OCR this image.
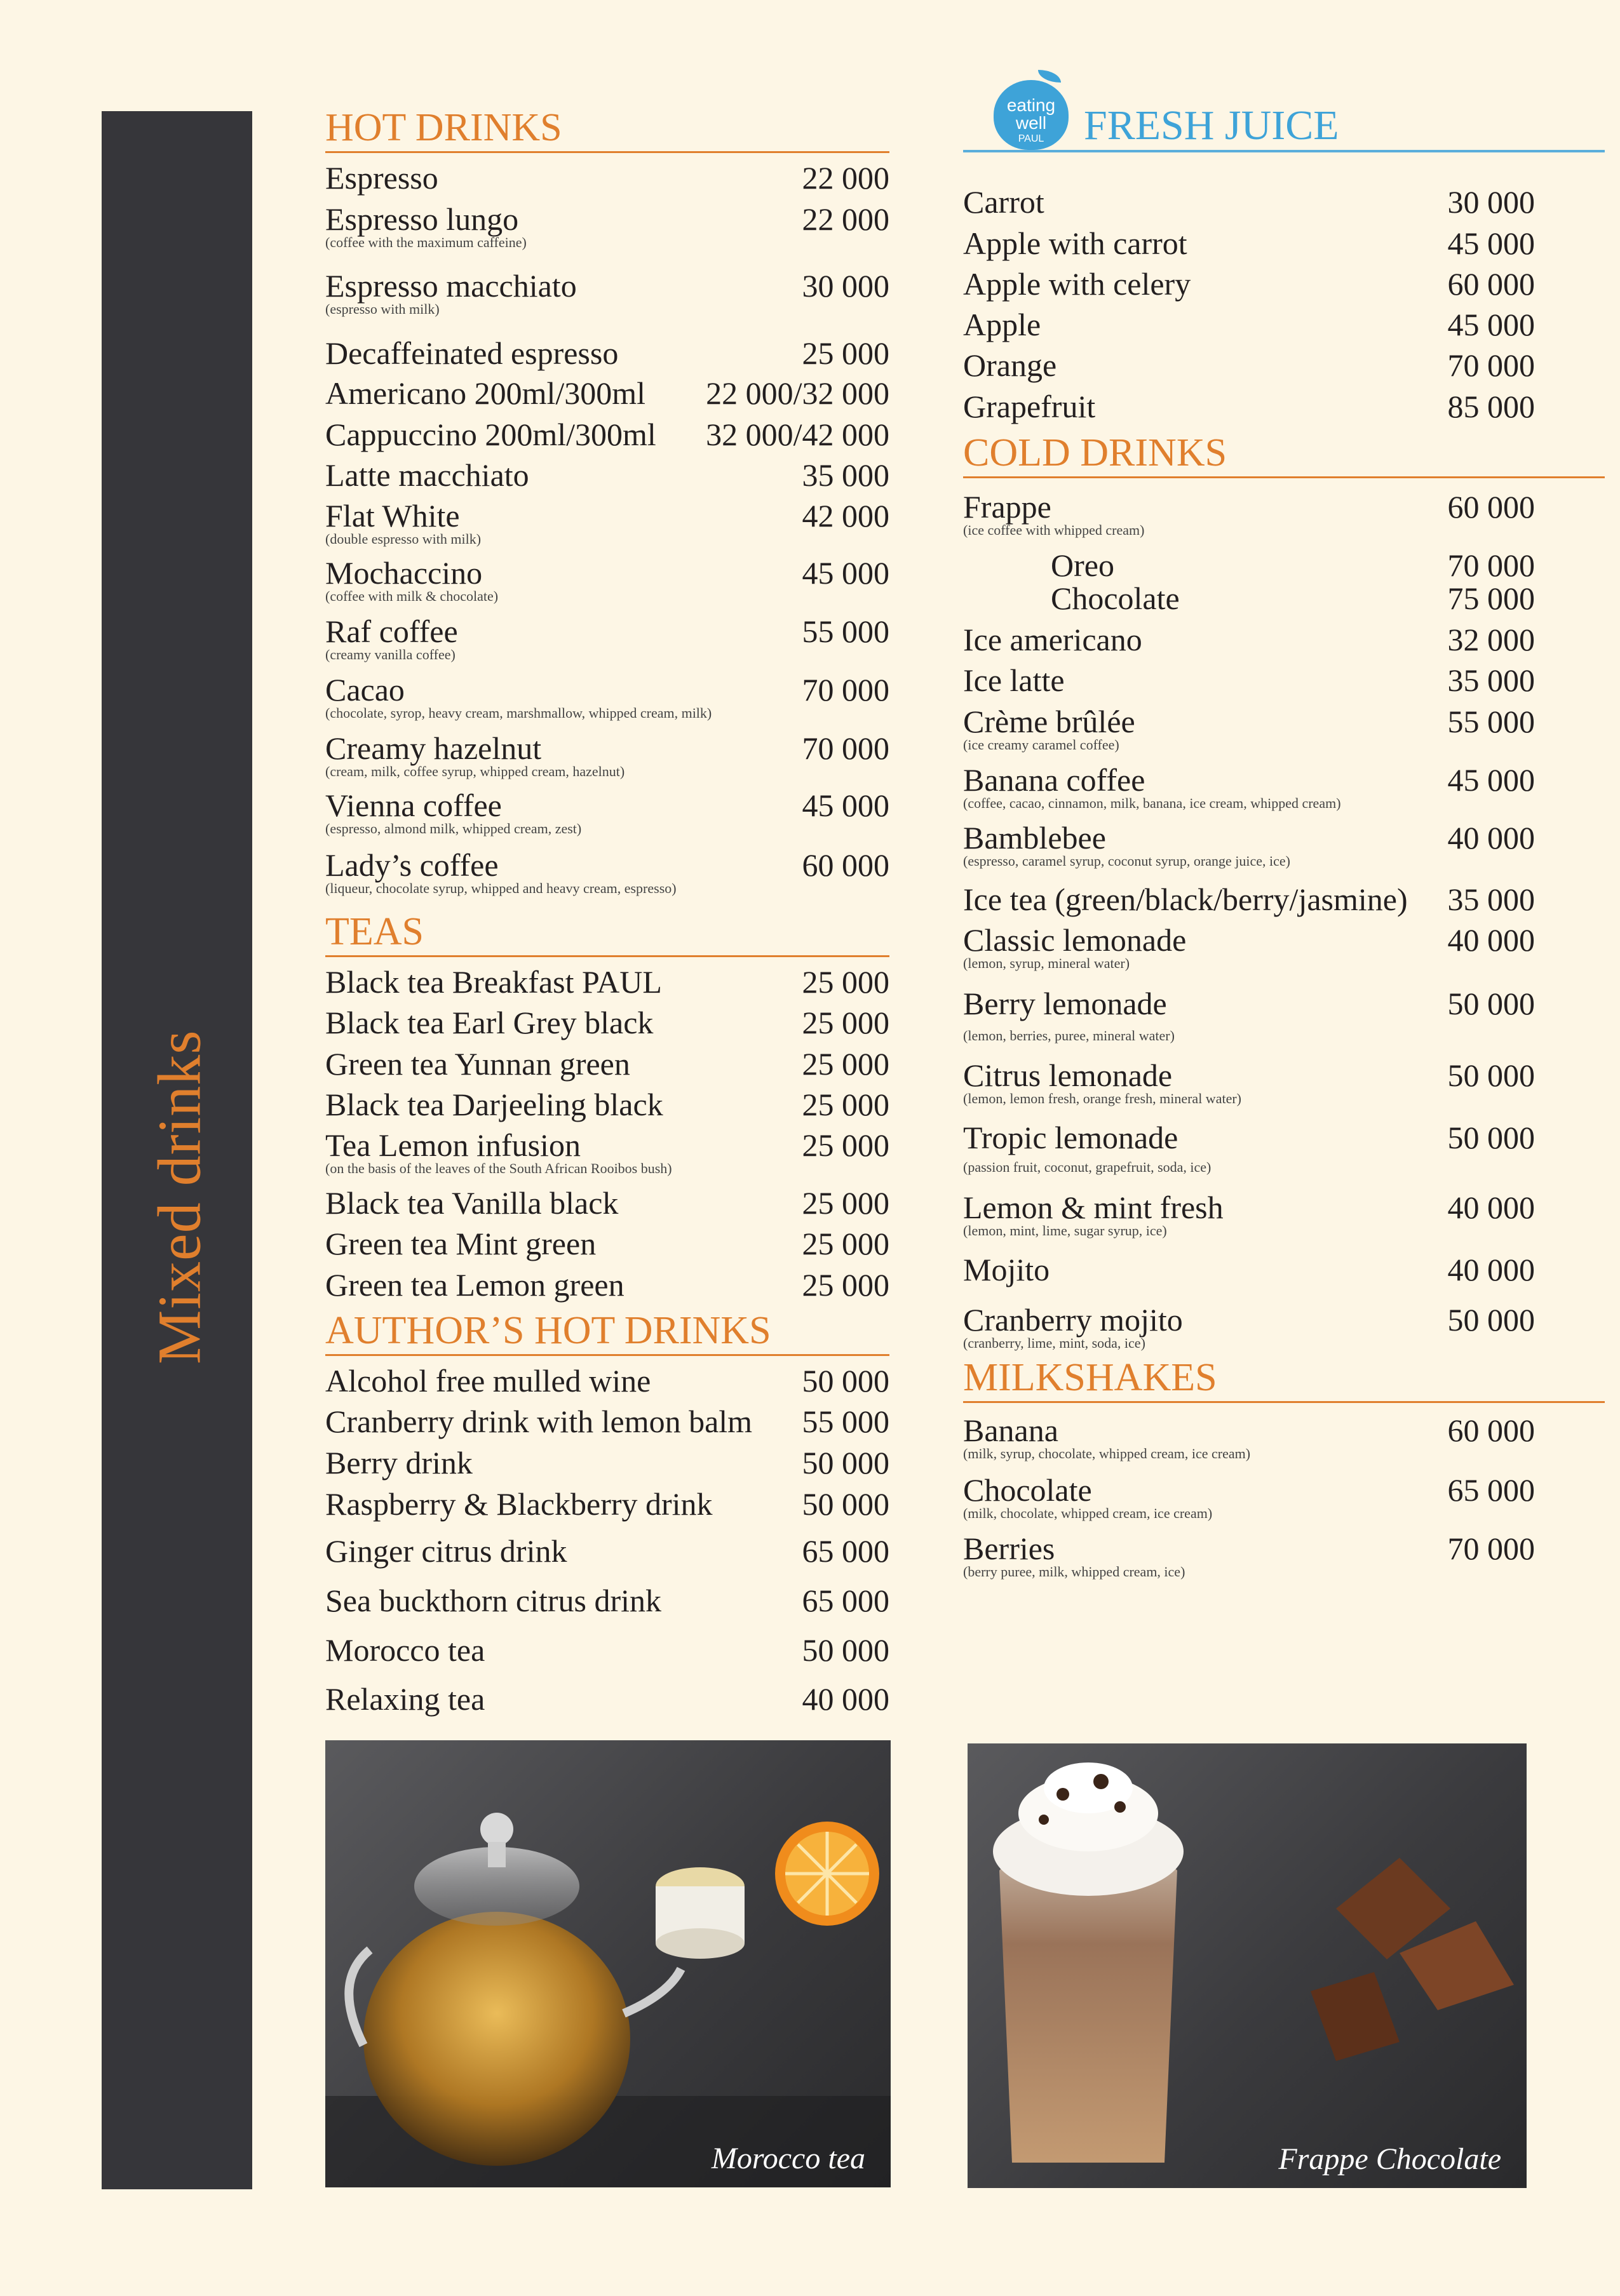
Mixed drinks
HOT DRINKS
Espresso	22 000
Espresso lungo	22 000
(coffee with the maximum caffeine)
Espresso macchiato	30 000
(espresso with milk)
Decaffeinated espresso	25 000
Americano 200ml/300ml	22 000/32 000
Cappuccino 200ml/300ml	32 000/42 000
Latte macchiato	35 000
Flat White	42 000
(double espresso with milk)
Mochaccino	45 000
(coffee with milk & chocolate)
Raf coffee	55 000
(creamy vanilla coffee)
Cacao	70 000
(chocolate, syrop, heavy cream, marshmallow, whipped cream, milk)
Creamy hazelnut	70 000
(cream, milk, coffee syrup, whipped cream, hazelnut)
Vienna coffee	45 000
(espresso, almond milk, whipped cream, zest)
Lady’s coffee	60 000
(liqueur, chocolate syrup, whipped and heavy cream, espresso)
TEAS
Black tea Breakfast PAUL	25 000
Black tea Earl Grey black	25 000
Green tea Yunnan green	25 000
Black tea Darjeeling black	25 000
Tea Lemon infusion	25 000
(on the basis of the leaves of the South African Rooibos bush)
Black tea Vanilla black	25 000
Green tea Mint green	25 000
Green tea Lemon green	25 000
AUTHOR’S HOT DRINKS
Alcohol free mulled wine	50 000
Cranberry drink with lemon balm	55 000
Berry drink	50 000
Raspberry & Blackberry drink	50 000
Ginger citrus drink	65 000
Sea buckthorn citrus drink	65 000
Morocco tea	50 000
Relaxing tea	40 000
eating
well
PAUL FRESH JUICE
Carrot	30 000
Apple with carrot	45 000
Apple with celery	60 000
Apple	45 000
Orange	70 000
Grapefruit	85 000
COLD DRINKS
Frappe	60 000
(ice coffee with whipped cream)
Oreo	70 000
Chocolate	75 000
Ice americano	32 000
Ice latte	35 000
Crème brûlée	55 000
(ice creamy caramel coffee)
Banana coffee	45 000
(coffee, cacao, cinnamon, milk, banana, ice cream, whipped cream)
Bamblebee	40 000
(espresso, caramel syrup, coconut syrup, orange juice, ice)
Ice tea (green/black/berry/jasmine)	35 000
Classic lemonade	40 000
(lemon, syrup, mineral water)
Berry lemonade	50 000
(lemon, berries, puree, mineral water)
Citrus lemonade	50 000
(lemon, lemon fresh, orange fresh, mineral water)
Tropic lemonade	50 000
(passion fruit, coconut, grapefruit, soda, ice)
Lemon & mint fresh	40 000
(lemon, mint, lime, sugar syrup, ice)
Mojito	40 000
Cranberry mojito	50 000
(cranberry, lime, mint, soda, ice)
MILKSHAKES
Banana	60 000
(milk, syrup, chocolate, whipped cream, ice cream)
Chocolate	65 000
(milk, chocolate, whipped cream, ice cream)
Berries	70 000
(berry puree, milk, whipped cream, ice)
Morocco tea	Frappe Chocolate
